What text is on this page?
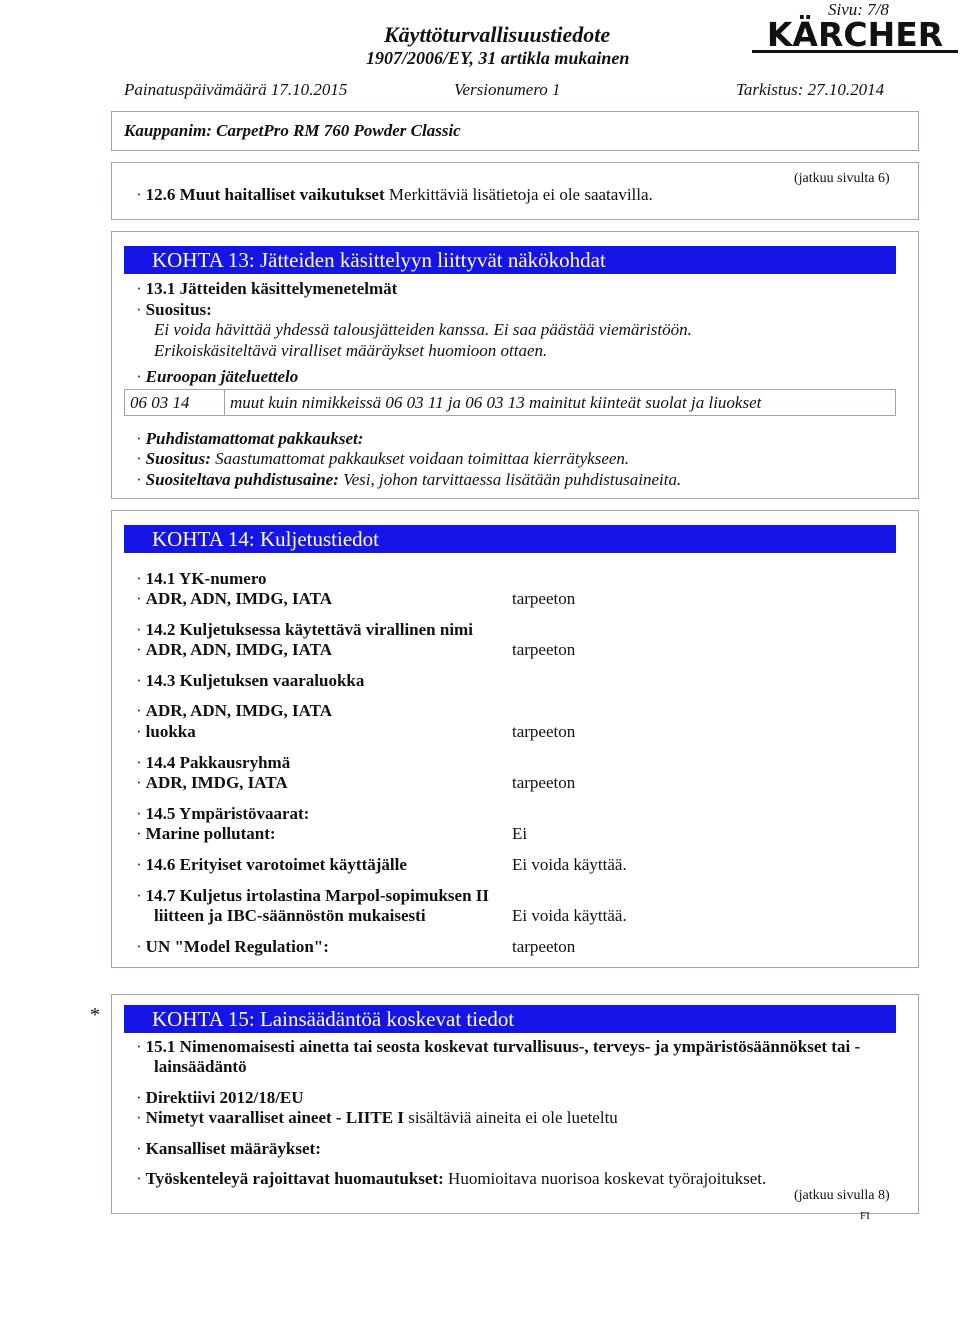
Sivu: 7/8
Käyttöturvallisuustiedote
1907/2006/EY, 31 artikla mukainen
KÄRCHER
Painatuspäivämäärä 17.10.2015	Versionumero 1	Tarkistus: 27.10.2014
Kauppanim: CarpetPro RM 760 Powder Classic
(jatkuu sivulta 6)
· 12.6 Muut haitalliset vaikutukset Merkittäviä lisätietoja ei ole saatavilla.
KOHTA 13: Jätteiden käsittelyyn liittyvät näkökohdat
· 13.1 Jätteiden käsittelymenetelmät
· Suositus:
Ei voida hävittää yhdessä talousjätteiden kanssa. Ei saa päästää viemäristöön.
Erikoiskäsiteltävä viralliset määräykset huomioon ottaen.
· Euroopan jäteluettelo
06 03 14 muut kuin nimikkeissä 06 03 11 ja 06 03 13 mainitut kiinteät suolat ja liuokset
· Puhdistamattomat pakkaukset:
· Suositus: Saastumattomat pakkaukset voidaan toimittaa kierrätykseen.
· Suositeltava puhdistusaine: Vesi, johon tarvittaessa lisätään puhdistusaineita.
KOHTA 14: Kuljetustiedot
· 14.1 YK-numero
· ADR, ADN, IMDG, IATA	tarpeeton
· 14.2 Kuljetuksessa käytettävä virallinen nimi
· ADR, ADN, IMDG, IATA	tarpeeton
· 14.3 Kuljetuksen vaaraluokka
· ADR, ADN, IMDG, IATA
· luokka	tarpeeton
· 14.4 Pakkausryhmä
· ADR, IMDG, IATA	tarpeeton
· 14.5 Ympäristövaarat:
· Marine pollutant:	Ei
· 14.6 Erityiset varotoimet käyttäjälle	Ei voida käyttää.
· 14.7 Kuljetus irtolastina Marpol-sopimuksen II
liitteen ja IBC-säännöstön mukaisesti	Ei voida käyttää.
· UN "Model Regulation":	tarpeeton
*	KOHTA 15: Lainsäädäntöä koskevat tiedot
· 15.1 Nimenomaisesti ainetta tai seosta koskevat turvallisuus-, terveys- ja ympäristösäännökset tai -
lainsäädäntö
· Direktiivi 2012/18/EU
· Nimetyt vaaralliset aineet - LIITE I sisältäviä aineita ei ole lueteltu
· Kansalliset määräykset:
· Työskenteleyä rajoittavat huomautukset: Huomioitava nuorisoa koskevat työrajoitukset.
(jatkuu sivulla 8)
FI
